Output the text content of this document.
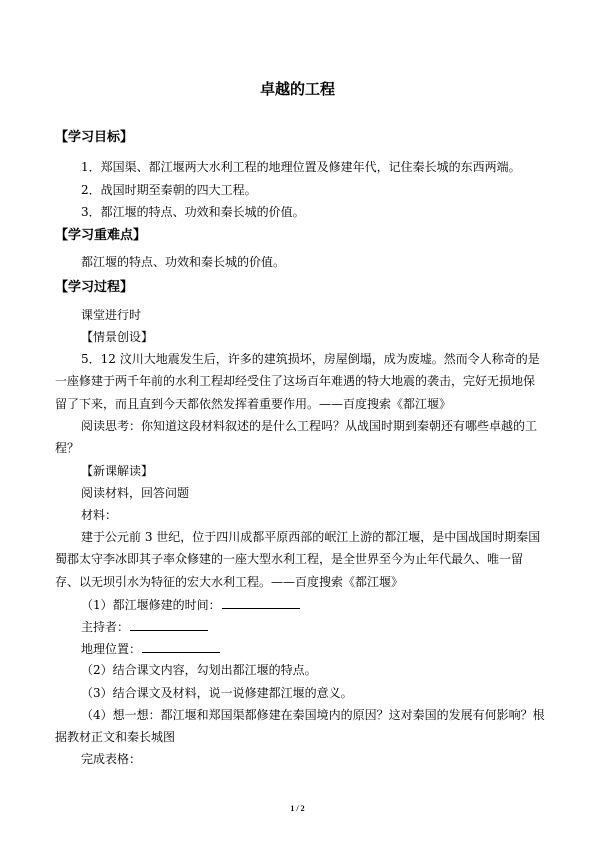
卓越的工程
【学习目标】
1．郑国渠、都江堰两大水利工程的地理位置及修建年代，记住秦长城的东西两端。
2．战国时期至秦朝的四大工程。
3．都江堰的特点、功效和秦长城的价值。
【学习重难点】
都江堰的特点、功效和秦长城的价值。
【学习过程】
课堂进行时
【情景创设】
5．12 汶川大地震发生后，许多的建筑损坏，房屋倒塌，成为废墟。然而令人称奇的是
一座修建于两千年前的水利工程却经受住了这场百年难遇的特大地震的袭击，完好无损地保
留了下来，而且直到今天都依然发挥着重要作用。——百度搜索《都江堰》
阅读思考：你知道这段材料叙述的是什么工程吗？从战国时期到秦朝还有哪些卓越的工
程？
【新课解读】
阅读材料，回答问题
材料：
建于公元前 3 世纪，位于四川成都平原西部的岷江上游的都江堰，是中国战国时期秦国
蜀郡太守李冰即其子率众修建的一座大型水利工程，是全世界至今为止年代最久、唯一留
存、以无坝引水为特征的宏大水利工程。——百度搜索《都江堰》
（1）都江堰修建的时间：
主持者：
地理位置：
（2）结合课文内容，勾划出都江堰的特点。
（3）结合课文及材料，说一说修建都江堰的意义。
（4）想一想：都江堰和郑国渠都修建在秦国境内的原因？这对秦国的发展有何影响？根
据教材正文和秦长城图
完成表格：
1 / 2
